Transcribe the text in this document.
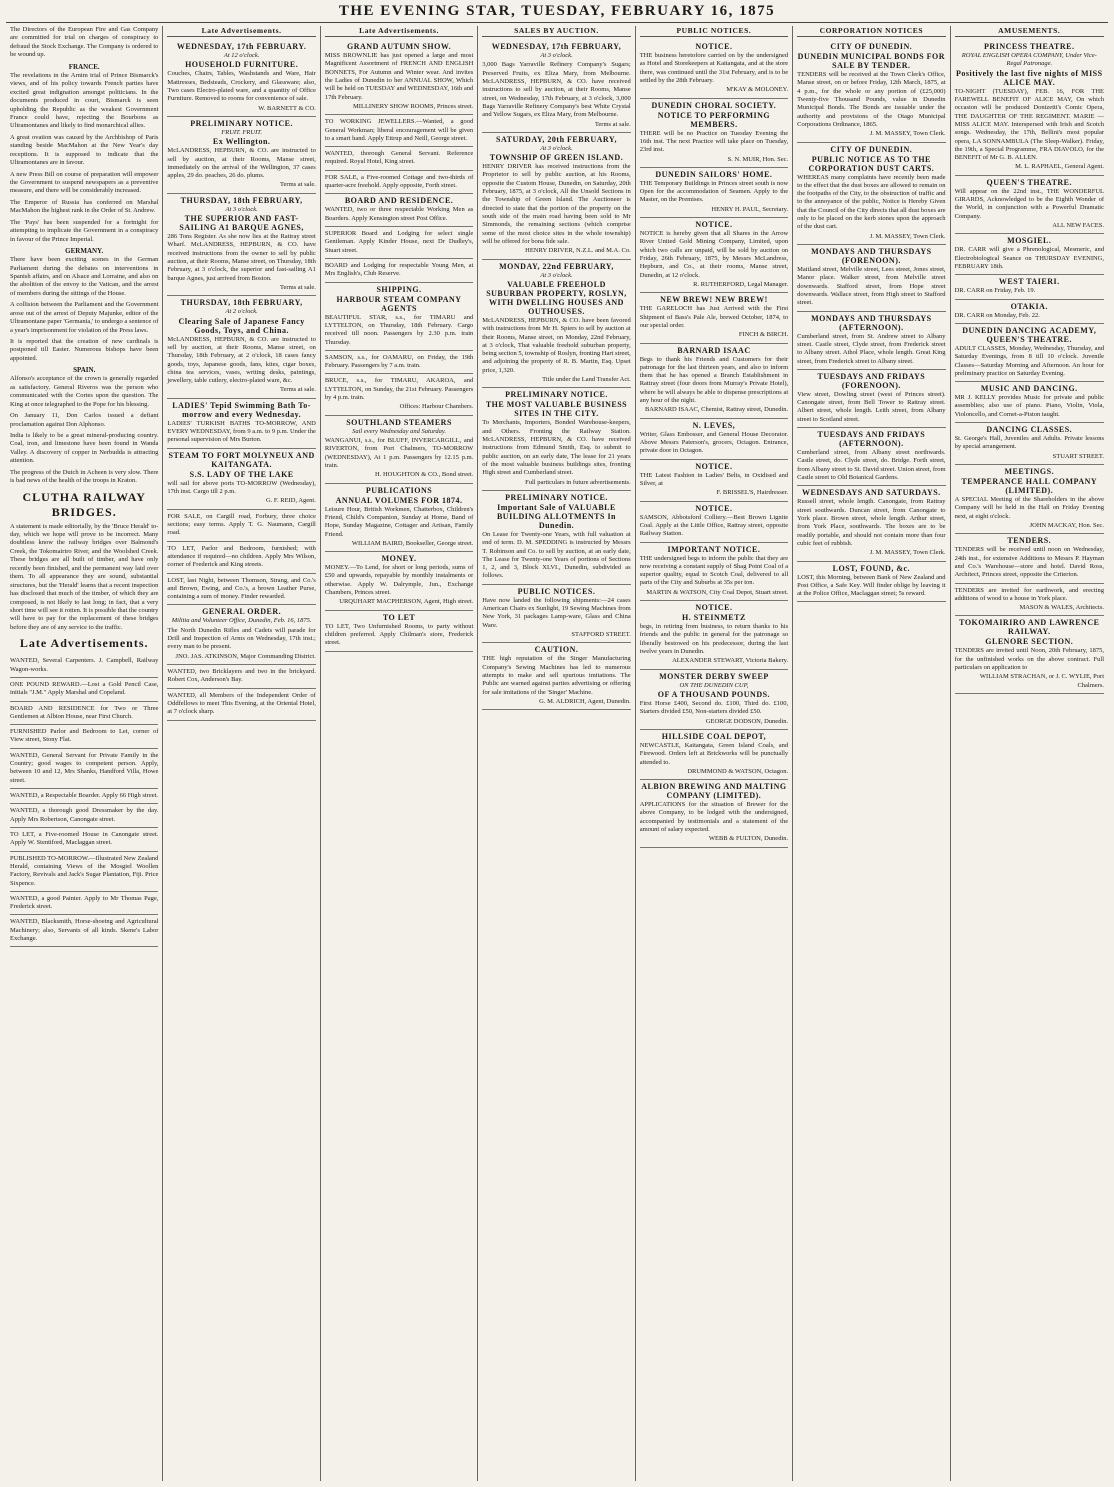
THE EVENING STAR, TUESDAY, FEBRUARY 16, 1875

The Directors of the European Fire and Gas Company are committed for trial on charges of conspiracy to defraud the Stock Exchange. The Company is ordered to be wound up.

FRANCE.

The revelations in the Arnim trial of Prince Bismarck's views, and of his policy towards French parties have excited great indignation amongst politicians. In the documents produced in court, Bismarck is seen upholding the Republic as the weakest Government France could have, rejecting the Bourbons as Ultramontanes and likely to find monarchical allies.

A great ovation was caused by the Archbishop of Paris standing beside MacMahon at the New Year's day receptions. It is supposed to indicate that the Ultramontanes are in favour.

A new Press Bill on course of preparation will empower the Government to suspend newspapers as a preventive measure, and there will be considerably increased.

The Emperor of Russia has conferred on Marshal MacMahon the highest rank in the Order of St. Andrew.

The 'Pays' has been suspended for a fortnight for attempting to implicate the Government in a conspiracy in favour of the Prince Imperial.

GERMANY.

There have been exciting scenes in the German Parliament during the debates on interventions in Spanish affairs, and on Alsace and Lorraine, and also on the abolition of the envoy to the Vatican, and the arrest of members during the sittings of the House.

A collision between the Parliament and the Government arose out of the arrest of Deputy Majunke, editor of the Ultramontane paper 'Germania,' to undergo a sentence of a year's imprisonment for violation of the Press laws.

It is reported that the creation of new cardinals is postponed till Easter. Numerous bishops have been appointed.

SPAIN.

Alfonso's acceptance of the crown is generally regarded as satisfactory. General Riveros was the person who communicated with the Cortes upon the question. The King at once telegraphed to the Pope for his blessing.

On January 11, Don Carlos issued a defiant proclamation against Don Alphonso.

India is likely to be a great mineral-producing country. Coal, iron, and limestone have been found in Wanda Valley. A discovery of copper in Nerbudda is attracting attention.

The progress of the Dutch in Acheen is very slow. There is bad news of the health of the troops in Kraton.

CLUTHA RAILWAY BRIDGES.

A statement is made editorially, by the 'Bruce Herald' to-day, which we hope will prove to be incorrect. Many doubtless know the railway bridges over Balmond's Creek, the Tokomairiro River, and the Woolshed Creek. These bridges are all built of timber, and have only recently been finished, and the permanent way laid over them. To all appearance they are sound, substantial structures, but the 'Herald' learns that a recent inspection has disclosed that much of the timber, of which they are composed, is not likely to last long; in fact, that a very short time will see it rotten. It is possible that the country will have to pay for the replacement of these bridges before they are of any service to the traffic.

Late Advertisements.

WANTED, Several Carpenters. J. Campbell, Railway Wagon-works.

ONE POUND REWARD.—Lost a Gold Pencil Case, initials "J.M." Apply Marshal and Copeland.

BOARD AND RESIDENCE for Two or Three Gentlemen at Albion House, near First Church.

FURNISHED Parlor and Bedroom to Let, corner of View street, Stony Flat.

WANTED, General Servant for Private Family in the Country; good wages to competent person. Apply, between 10 and 12, Mrs Shanks, Handford Villa, Howe street.

WANTED, a Respectable Boarder. Apply 66 High street.

WANTED, a thorough good Dressmaker by the day. Apply Mrs Robertson, Canongate street.

TO LET, a Five-roomed House in Canongate street. Apply W. Stentiford, Maclaggan street.

PUBLISHED TO-MORROW.—Illustrated New Zealand Herald, containing Views of the Mosgiel Woollen Factory, Revivals and Jack's Sugar Plantation, Fiji. Price Sixpence.

WANTED, a good Painter. Apply to Mr Thomas Page, Frederick street.

WANTED, Blacksmith, Horse-shoeing and Agricultural Machinery; also, Servants of all kinds. Skene's Labor Exchange.

Late Advertisements.
WEDNESDAY, 17th FEBRUARY.

At 12 o'clock.

HOUSEHOLD FURNITURE.

Couches, Chairs, Tables, Washstands and Ware, Hair Mattresses, Bedsteads, Crockery, and Glassware; also, Two cases Electro-plated ware, and a quantity of Office Furniture. Removed to rooms for convenience of sale.

W. BARNETT & CO.

PRELIMINARY NOTICE.

FRUIT. FRUIT.

Ex Wellington.

McLANDRESS, HEPBURN, & CO. are instructed to sell by auction, at their Rooms, Manse street, immediately on the arrival of the Wellington, 37 cases apples, 29 do. peaches, 26 do. plums.

Terms at sale.

THURSDAY, 18th FEBRUARY,

At 3 o'clock.

THE SUPERIOR AND FAST-SAILING A1 BARQUE AGNES,

286 Tons Register. As she now lies at the Rattray street Wharf. McLANDRESS, HEPBURN, & CO. have received instructions from the owner to sell by public auction, at their Rooms, Manse street, on Thursday, 18th February, at 3 o'clock, the superior and fast-sailing A1 barque Agnes, just arrived from Boston.

Terms at sale.

THURSDAY, 18th FEBRUARY,

At 2 o'clock.

Clearing Sale of Japanese Fancy Goods, Toys, and China.

McLANDRESS, HEPBURN, & CO. are instructed to sell by auction, at their Rooms, Manse street, on Thursday, 18th February, at 2 o'clock, 18 cases fancy goods, toys, Japanese goods, fans, kites, cigar boxes, china tea services, vases, writing desks, paintings, jewellery, table cutlery, electro-plated ware, &c.

Terms at sale.

LADIES' Tepid Swimming Bath To-morrow and every Wednesday.

LADIES' TURKISH BATHS TO-MORROW, AND EVERY WEDNESDAY, from 9 a.m. to 9 p.m. Under the personal supervision of Mrs Burton.

STEAM TO FORT MOLYNEUX AND KAITANGATA.
S.S. LADY OF THE LAKE

will sail for above ports TO-MORROW (Wednesday), 17th inst. Cargo till 2 p.m.

G. F. REID, Agent.

FOR SALE, on Cargill road, Forbury, three choice sections; easy terms. Apply T. G. Naumann, Cargill road.

TO LET, Parlor and Bedroom, furnished; with attendance if required—no children. Apply Mrs Wilson, corner of Frederick and King streets.

LOST, last Night, between Thomson, Strang, and Co.'s and Brown, Ewing, and Co.'s, a brown Leather Purse, containing a sum of money. Finder rewarded.

GENERAL ORDER.

Militia and Volunteer Office, Dunedin, Feb. 16, 1875.

The North Dunedin Rifles and Cadets will parade for Drill and Inspection of Arms on Wednesday, 17th inst.; every man to be present.

JNO. JAS. ATKINSON, Major Commanding District.

WANTED, two Bricklayers and two in the brickyard. Robert Cox, Anderson's Bay.

WANTED, all Members of the Independent Order of Oddfellows to meet This Evening, at the Oriental Hotel, at 7 o'clock sharp.

Late Advertisements.
GRAND AUTUMN SHOW.

MISS BROWNLIE has just opened a large and most Magnificent Assortment of FRENCH AND ENGLISH BONNETS, For Autumn and Winter wear. And invites the Ladies of Dunedin to her ANNUAL SHOW, Which will be held on TUESDAY and WEDNESDAY, 16th and 17th February.

MILLINERY SHOW ROOMS, Princes street.

TO WORKING JEWELLERS.—Wanted, a good General Workman; liberal encouragement will be given to a smart hand. Apply Ettrup and Neill, George street.

WANTED, thorough General Servant. Reference required. Royal Hotel, King street.

FOR SALE, a Five-roomed Cottage and two-thirds of quarter-acre freehold. Apply opposite, Forth street.

BOARD AND RESIDENCE.

WANTED, two or three respectable Working Men as Boarders. Apply Kensington street Post Office.

SUPERIOR Board and Lodging for select single Gentleman. Apply Kinder House, next Dr Dudley's, Stuart street.

BOARD and Lodging for respectable Young Men, at Mrs English's, Club Reserve.

SHIPPING.
HARBOUR STEAM COMPANY AGENTS

BEAUTIFUL STAR, s.s., for TIMARU and LYTTELTON, on Thursday, 18th February. Cargo received till noon. Passengers by 2.30 p.m. train Thursday.

SAMSON, s.s., for OAMARU, on Friday, the 19th February. Passengers by 7 a.m. train.

BRUCE, s.s., for TIMARU, AKAROA, and LYTTELTON, on Sunday, the 21st February. Passengers by 4 p.m. train.

Offices: Harbour Chambers.

SOUTHLAND STEAMERS

Sail every Wednesday and Saturday.

WANGANUI, s.s., for BLUFF, INVERCARGILL, and RIVERTON, from Port Chalmers, TO-MORROW (WEDNESDAY), At 1 p.m. Passengers by 12.15 p.m. train.

H. HOUGHTON & CO., Bond street.

PUBLICATIONS
ANNUAL VOLUMES FOR 1874.

Leisure Hour, British Workmen, Chatterbox, Children's Friend, Child's Companion, Sunday at Home, Band of Hope, Sunday Magazine, Cottager and Artisan, Family Friend.

WILLIAM BAIRD, Bookseller, George street.

MONEY.

MONEY.—To Lend, for short or long periods, sums of £50 and upwards, repayable by monthly instalments or otherwise. Apply W. Dalrymple, Jun., Exchange Chambers, Princes street.

URQUHART MACPHERSON, Agent, High street.

TO LET

TO LET, Two Unfurnished Rooms, to party without children preferred. Apply Chilman's store, Frederick street.

SALES BY AUCTION.
WEDNESDAY, 17th FEBRUARY,

At 3 o'clock.

3,000 Bags Yarraville Refinery Company's Sugars; Preserved Fruits, ex Eliza Mary, from Melbourne. McLANDRESS, HEPBURN, & CO. have received instructions to sell by auction, at their Rooms, Manse street, on Wednesday, 17th February, at 3 o'clock, 3,000 Bags Yarraville Refinery Company's best White Crystal and Yellow Sugars, ex Eliza Mary, from Melbourne.

Terms at sale.

SATURDAY, 20th FEBRUARY,

At 3 o'clock.

TOWNSHIP OF GREEN ISLAND.

HENRY DRIVER has received instructions from the Proprietor to sell by public auction, at his Rooms, opposite the Custom House, Dunedin, on Saturday, 20th February, 1875, at 3 o'clock, All the Unsold Sections in the Township of Green Island. The Auctioneer is directed to state that the portion of the property on the south side of the main road having been sold to Mr Simmonds, the remaining sections (which comprise some of the most choice sites in the whole township) will be offered for bona fide sale.

HENRY DRIVER, N.Z.L. and M.A. Co.

MONDAY, 22nd FEBRUARY,

At 3 o'clock.

VALUABLE FREEHOLD SUBURBAN PROPERTY, ROSLYN, WITH DWELLING HOUSES AND OUTHOUSES.

McLANDRESS, HEPBURN, & CO. have been favored with instructions from Mr H. Spiers to sell by auction at their Rooms, Manse street, on Monday, 22nd February, at 3 o'clock, That valuable freehold suburban property, being section 5, township of Roslyn, fronting Hart street, and adjoining the property of R. B. Martin, Esq. Upset price, 1,320.

Title under the Land Transfer Act.

PRELIMINARY NOTICE.
THE MOST VALUABLE BUSINESS SITES IN THE CITY.

To Merchants, Importers, Bonded Warehouse-keepers, and Others. Fronting the Railway Station. McLANDRESS, HEPBURN, & CO. have received instructions from Edmund Smith, Esq. to submit to public auction, on an early date, The lease for 21 years of the most valuable business buildings sites, fronting High street and Cumberland street.

Full particulars in future advertisements.

PRELIMINARY NOTICE.
Important Sale of VALUABLE BUILDING ALLOTMENTS In Dunedin.

On Lease for Twenty-one Years, with full valuation at end of term. D. M. SPEDDING is instructed by Messrs T. Robinson and Co. to sell by auction, at an early date, The Lease for Twenty-one Years of portions of Sections 1, 2, and 3, Block XLVI., Dunedin, subdivided as follows.

PUBLIC NOTICES.

Have now landed the following shipments:—24 cases American Chairs ex Sunlight, 19 Sewing Machines from New York, 31 packages Lamp-ware, Glass and China Ware.

STAFFORD STREET.

CAUTION.

THE high reputation of the Singer Manufacturing Company's Sewing Machines has led to numerous attempts to make and sell spurious imitations. The Public are warned against parties advertising or offering for sale imitations of the 'Singer' Machine.

G. M. ALDRICH, Agent, Dunedin.

PUBLIC NOTICES.
NOTICE.

THE business heretofore carried on by the undersigned as Hotel and Storekeepers at Kaitangata, and at the store there, was continued until the 31st February, and is to be settled by the 28th February.

M'KAY & MOLONEY.

DUNEDIN CHORAL SOCIETY.
NOTICE TO PERFORMING MEMBERS.

THERE will be no Practice on Tuesday Evening the 16th inst. The next Practice will take place on Tuesday, 23rd inst.

S. N. MUIR, Hon. Sec.

DUNEDIN SAILORS' HOME.

THE Temporary Buildings in Princes street south is now Open for the accommodation of Seamen. Apply to the Master, on the Premises.

HENRY H. PAUL, Secretary.

NOTICE.

NOTICE is hereby given that all Shares in the Arrow River United Gold Mining Company, Limited, upon which two calls are unpaid, will be sold by auction on Friday, 26th February, 1875, by Messrs McLandress, Hepburn, and Co., at their rooms, Manse street, Dunedin, at 12 o'clock.

R. RUTHERFORD, Legal Manager.

NEW BREW! NEW BREW!

THE GARELOCH has Just Arrived with the First Shipment of Bass's Pale Ale, brewed October, 1874, to our special order.

FINCH & BIRCH.

BARNARD ISAAC

Begs to thank his Friends and Customers for their patronage for the last thirteen years, and also to inform them that he has opened a Branch Establishment in Rattray street (four doors from Murray's Private Hotel), where he will always be able to dispense prescriptions at any hour of the night.

BARNARD ISAAC, Chemist, Rattray street, Dunedin.

N. LEVES,

Writer, Glass Embosser, and General House Decorator. Above Messrs Paterson's, grocers, Octagon. Entrance, private door in Octagon.

NOTICE.

THE Latest Fashion in Ladies' Belts, in Oxidised and Silver, at

F. BRISSEL'S, Hairdresser.

NOTICE.

SAMSON, Abbotsford Colliery.—Best Brown Lignite Coal. Apply at the Little Office, Rattray street, opposite Railway Station.

IMPORTANT NOTICE.

THE undersigned begs to inform the public that they are now receiving a constant supply of Shag Point Coal of a superior quality, equal to Scotch Coal, delivered to all parts of the City and Suburbs at 35s per ton.

MARTIN & WATSON, City Coal Depot, Stuart street.

NOTICE.
H. STEINMETZ

begs, in retiring from business, to return thanks to his friends and the public in general for the patronage so liberally bestowed on his predecessor, during the last twelve years in Dunedin.

ALEXANDER STEWART, Victoria Bakery.

MONSTER DERBY SWEEP

ON THE DUNEDIN CUP,

OF A THOUSAND POUNDS.

First Horse £400, Second do. £100, Third do. £100, Starters divided £50, Non-starters divided £50.

GEORGE DODSON, Dunedin.

HILLSIDE COAL DEPOT,

NEWCASTLE, Kaitangata, Green Island Coals, and Firewood. Orders left at Brickworks will be punctually attended to.

DRUMMOND & WATSON, Octagon.

ALBION BREWING AND MALTING COMPANY (LIMITED).

APPLICATIONS for the situation of Brewer for the above Company, to be lodged with the undersigned, accompanied by testimonials and a statement of the amount of salary expected.

WEBB & FULTON, Dunedin.

CORPORATION NOTICES
CITY OF DUNEDIN.
DUNEDIN MUNICIPAL BONDS FOR SALE BY TENDER.

TENDERS will be received at the Town Clerk's Office, Manse street, on or before Friday, 12th March, 1875, at 4 p.m., for the whole or any portion of (£25,000) Twenty-five Thousand Pounds, value in Dunedin Municipal Bonds. The Bonds are issuable under the authority and provisions of the Otago Municipal Corporations Ordinance, 1865.

J. M. MASSEY, Town Clerk.

CITY OF DUNEDIN.
PUBLIC NOTICE AS TO THE CORPORATION DUST CARTS.

WHEREAS many complaints have recently been made to the effect that the dust boxes are allowed to remain on the footpaths of the City, to the obstruction of traffic and to the annoyance of the public, Notice is Hereby Given that the Council of the City directs that all dust boxes are only to be placed on the kerb stones upon the approach of the dust cart.

J. M. MASSEY, Town Clerk.

MONDAYS AND THURSDAYS (FORENOON).

Maitland street, Melville street, Lees street, Jones street, Manor place. Walker street, from Melville street downwards. Stafford street, from Hope street downwards. Wallace street, from High street to Stafford street.

MONDAYS AND THURSDAYS (AFTERNOON).

Cumberland street, from St. Andrew street to Albany street. Castle street, Clyde street, from Frederick street to Albany street. Athol Place, whole length. Great King street, from Frederick street to Albany street.

TUESDAYS AND FRIDAYS (FORENOON).

View street, Dowling street (west of Princes street). Canongate street, from Bell Tower to Rattray street. Albert street, whole length. Leith street, from Albany street to Scotland street.

TUESDAYS AND FRIDAYS (AFTERNOON).

Cumberland street, from Albany street northwards. Castle street, do. Clyde street, do. Bridge. Forth street, from Albany street to St. David street. Union street, from Castle street to Old Botanical Gardens.

WEDNESDAYS AND SATURDAYS.

Russell street, whole length. Canongate, from Rattray street southwards. Duncan street, from Canongate to York place. Brown street, whole length. Arthur street, from York Place, southwards. The boxes are to be readily portable, and should not contain more than four cubic feet of rubbish.

J. M. MASSEY, Town Clerk.

LOST, FOUND, &c.

LOST, this Morning, between Bank of New Zealand and Post Office, a Safe Key. Will finder oblige by leaving it at the Police Office, Maclaggan street; 5s reward.

AMUSEMENTS.
PRINCESS THEATRE.

ROYAL ENGLISH OPERA COMPANY, Under Vice-Regal Patronage.

Positively the last five nights of MISS ALICE MAY.

TO-NIGHT (TUESDAY), FEB. 16, FOR THE FAREWELL BENEFIT OF ALICE MAY, On which occasion will be produced Donizetti's Comic Opera, THE DAUGHTER OF THE REGIMENT. MARIE — MISS ALICE MAY. Interspersed with Irish and Scotch songs. Wednesday, the 17th, Bellini's most popular opera, LA SONNAMBULA (The Sleep-Walker). Friday, the 19th, a Special Programme, FRA DIAVOLO, for the BENEFIT of Mr G. B. ALLEN.

M. L. RAPHAEL, General Agent.

QUEEN'S THEATRE.

Will appear on the 22nd inst., THE WONDERFUL GIRARDS, Acknowledged to be the Eighth Wonder of the World, in conjunction with a Powerful Dramatic Company.

ALL NEW FACES.

MOSGIEL.

DR. CARR will give a Phrenological, Mesmeric, and Electrobiological Seance on THURSDAY EVENING, FEBRUARY 18th.

WEST TAIERI.

DR. CARR on Friday, Feb. 19.

OTAKIA.

DR. CARR on Monday, Feb. 22.

DUNEDIN DANCING ACADEMY, QUEEN'S THEATRE.

ADULT CLASSES, Monday, Wednesday, Thursday, and Saturday Evenings, from 8 till 10 o'clock. Juvenile Classes—Saturday Morning and Afternoon. An hour for preliminary practice on Saturday Evening.

MUSIC AND DANCING.

MR J. KELLY provides Music for private and public assemblies; also use of piano. Piano, Violin, Viola, Violoncello, and Cornet-a-Piston taught.

DANCING CLASSES.

St. George's Hall, Juveniles and Adults. Private lessons by special arrangement.

STUART STREET.

MEETINGS.
TEMPERANCE HALL COMPANY (LIMITED).

A SPECIAL Meeting of the Shareholders in the above Company will be held in the Hall on Friday Evening next, at eight o'clock.

JOHN MACKAY, Hon. Sec.

TENDERS.

TENDERS will be received until noon on Wednesday, 24th inst., for extensive Additions to Messrs P. Hayman and Co.'s Warehouse—store and hotel. David Ross, Architect, Princes street, opposite the Criterion.

TENDERS are invited for earthwork, and erecting additions of wood to a house in York place.

MASON & WALES, Architects.

TOKOMAIRIRO AND LAWRENCE RAILWAY.
GLENORE SECTION.

TENDERS are invited until Noon, 20th February, 1875, for the unfinished works on the above contract. Full particulars on application to

WILLIAM STRACHAN, or J. C. WYLIE, Port Chalmers.
